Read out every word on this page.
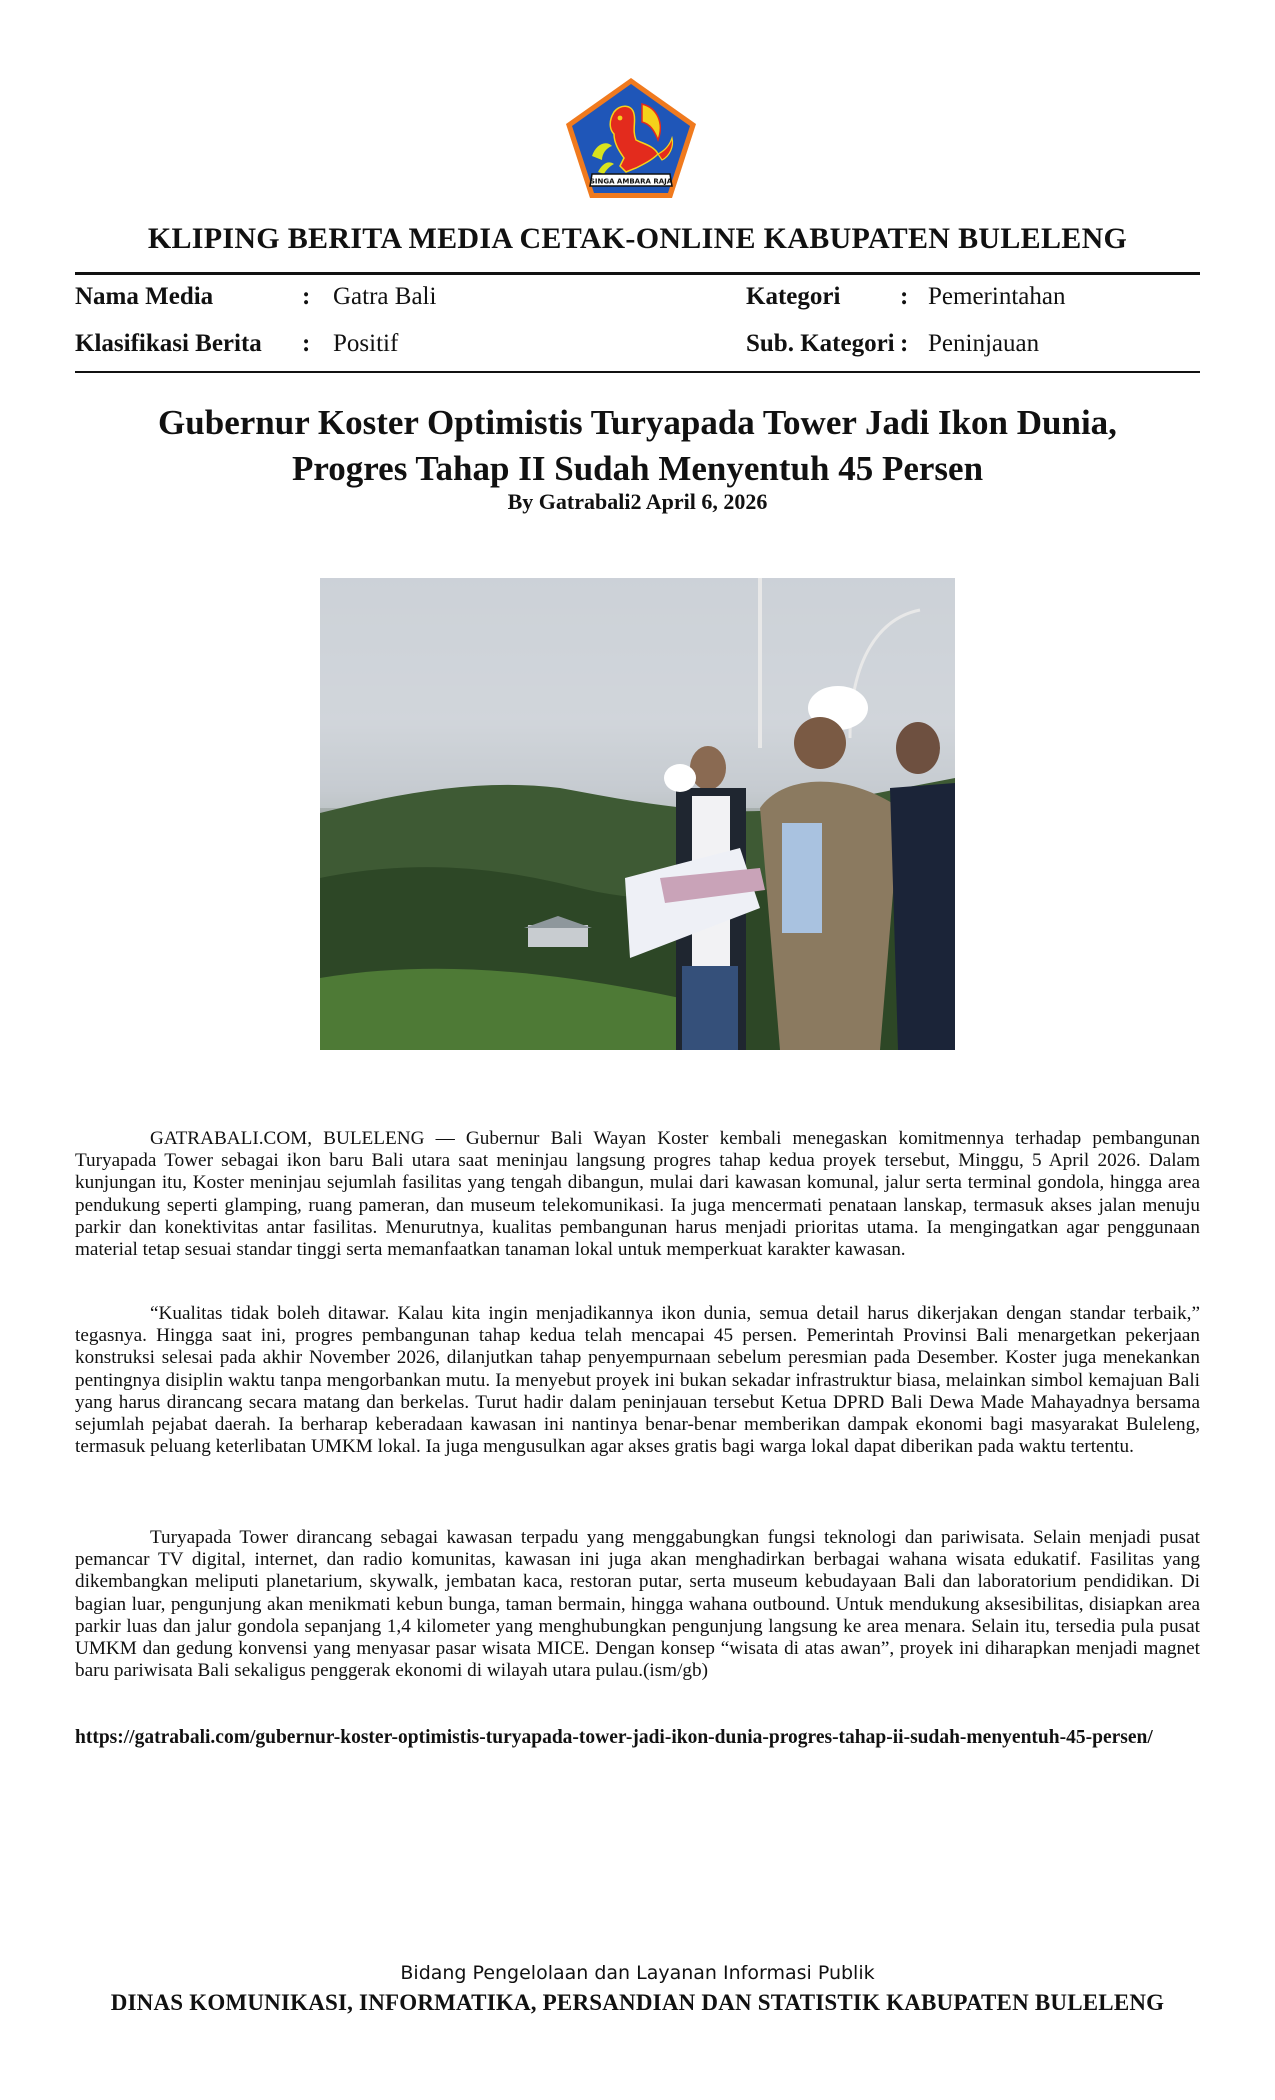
SINGA AMBARA RAJA
KLIPING BERITA MEDIA CETAK-ONLINE KABUPATEN BULELENG
Nama Media	: Gatra Bali
Klasifikasi Berita : Positif
Kategori : Pemerintahan
Sub. Kategori : Peninjauan
Gubernur Koster Optimistis Turyapada Tower Jadi Ikon Dunia,
Progres Tahap II Sudah Menyentuh 45 Persen
By Gatrabali2 April 6, 2026

GATRABALI.COM, BULELENG — Gubernur Bali Wayan Koster kembali menegaskan komitmennya terhadap pembangunan Turyapada Tower sebagai ikon baru Bali utara saat meninjau langsung progres tahap kedua proyek tersebut, Minggu, 5 April 2026. Dalam kunjungan itu, Koster meninjau sejumlah fasilitas yang tengah dibangun, mulai dari kawasan komunal, jalur serta terminal gondola, hingga area pendukung seperti glamping, ruang pameran, dan museum telekomunikasi. Ia juga mencermati penataan lanskap, termasuk akses jalan menuju parkir dan konektivitas antar fasilitas. Menurutnya, kualitas pembangunan harus menjadi prioritas utama. Ia mengingatkan agar penggunaan material tetap sesuai standar tinggi serta memanfaatkan tanaman lokal untuk memperkuat karakter kawasan.

“Kualitas tidak boleh ditawar. Kalau kita ingin menjadikannya ikon dunia, semua detail harus dikerjakan dengan standar terbaik,” tegasnya. Hingga saat ini, progres pembangunan tahap kedua telah mencapai 45 persen. Pemerintah Provinsi Bali menargetkan pekerjaan konstruksi selesai pada akhir November 2026, dilanjutkan tahap penyempurnaan sebelum peresmian pada Desember. Koster juga menekankan pentingnya disiplin waktu tanpa mengorbankan mutu. Ia menyebut proyek ini bukan sekadar infrastruktur biasa, melainkan simbol kemajuan Bali yang harus dirancang secara matang dan berkelas. Turut hadir dalam peninjauan tersebut Ketua DPRD Bali Dewa Made Mahayadnya bersama sejumlah pejabat daerah. Ia berharap keberadaan kawasan ini nantinya benar-benar memberikan dampak ekonomi bagi masyarakat Buleleng, termasuk peluang keterlibatan UMKM lokal. Ia juga mengusulkan agar akses gratis bagi warga lokal dapat diberikan pada waktu tertentu.

Turyapada Tower dirancang sebagai kawasan terpadu yang menggabungkan fungsi teknologi dan pariwisata. Selain menjadi pusat pemancar TV digital, internet, dan radio komunitas, kawasan ini juga akan menghadirkan berbagai wahana wisata edukatif. Fasilitas yang dikembangkan meliputi planetarium, skywalk, jembatan kaca, restoran putar, serta museum kebudayaan Bali dan laboratorium pendidikan. Di bagian luar, pengunjung akan menikmati kebun bunga, taman bermain, hingga wahana outbound. Untuk mendukung aksesibilitas, disiapkan area parkir luas dan jalur gondola sepanjang 1,4 kilometer yang menghubungkan pengunjung langsung ke area menara. Selain itu, tersedia pula pusat UMKM dan gedung konvensi yang menyasar pasar wisata MICE. Dengan konsep “wisata di atas awan”, proyek ini diharapkan menjadi magnet baru pariwisata Bali sekaligus penggerak ekonomi di wilayah utara pulau.(ism/gb)

https://gatrabali.com/gubernur-koster-optimistis-turyapada-tower-jadi-ikon-dunia-progres-tahap-ii-sudah-menyentuh-45-persen/
Bidang Pengelolaan dan Layanan Informasi Publik
DINAS KOMUNIKASI, INFORMATIKA, PERSANDIAN DAN STATISTIK KABUPATEN BULELENG
